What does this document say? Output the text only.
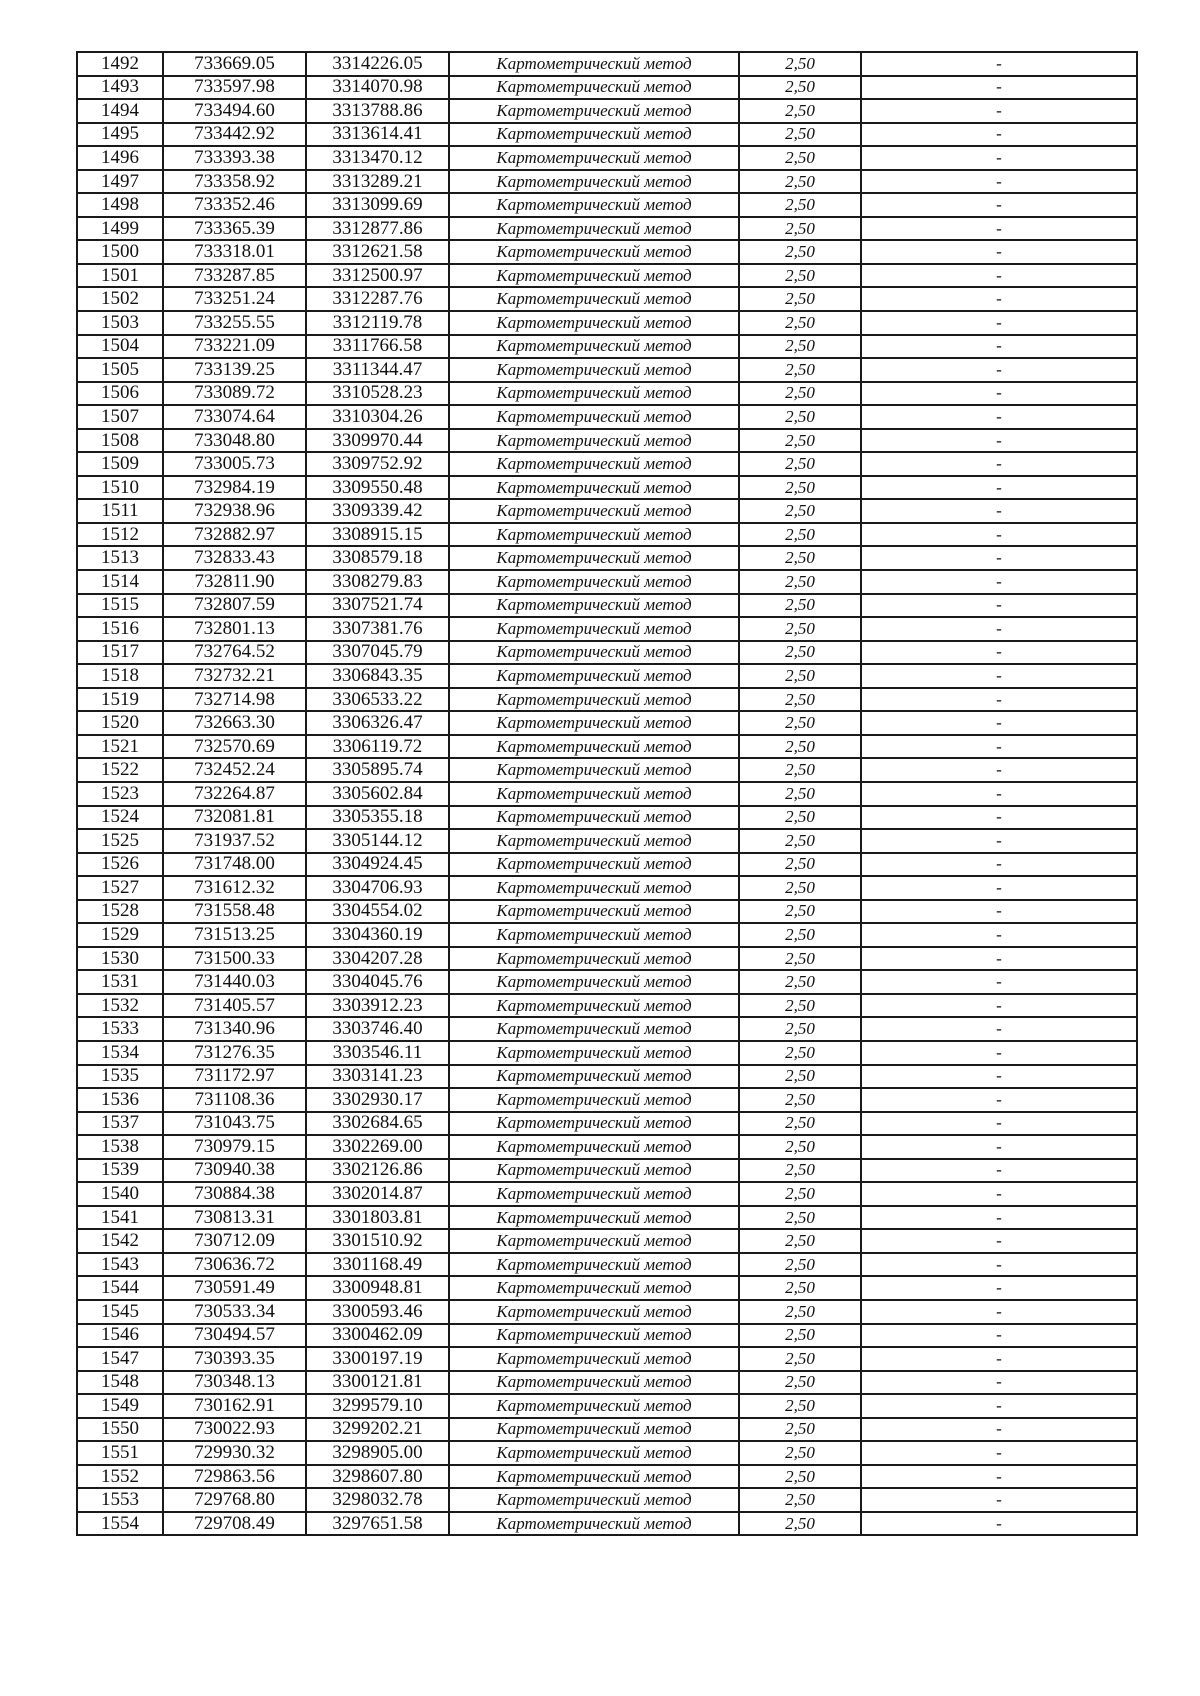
1492	733669.05	3314226.05	Картометрический метод	2,50	-
1493	733597.98	3314070.98	Картометрический метод	2,50	-
1494	733494.60	3313788.86	Картометрический метод	2,50	-
1495	733442.92	3313614.41	Картометрический метод	2,50	-
1496	733393.38	3313470.12	Картометрический метод	2,50	-
1497	733358.92	3313289.21	Картометрический метод	2,50	-
1498	733352.46	3313099.69	Картометрический метод	2,50	-
1499	733365.39	3312877.86	Картометрический метод	2,50	-
1500	733318.01	3312621.58	Картометрический метод	2,50	-
1501	733287.85	3312500.97	Картометрический метод	2,50	-
1502	733251.24	3312287.76	Картометрический метод	2,50	-
1503	733255.55	3312119.78	Картометрический метод	2,50	-
1504	733221.09	3311766.58	Картометрический метод	2,50	-
1505	733139.25	3311344.47	Картометрический метод	2,50	-
1506	733089.72	3310528.23	Картометрический метод	2,50	-
1507	733074.64	3310304.26	Картометрический метод	2,50	-
1508	733048.80	3309970.44	Картометрический метод	2,50	-
1509	733005.73	3309752.92	Картометрический метод	2,50	-
1510	732984.19	3309550.48	Картометрический метод	2,50	-
1511	732938.96	3309339.42	Картометрический метод	2,50	-
1512	732882.97	3308915.15	Картометрический метод	2,50	-
1513	732833.43	3308579.18	Картометрический метод	2,50	-
1514	732811.90	3308279.83	Картометрический метод	2,50	-
1515	732807.59	3307521.74	Картометрический метод	2,50	-
1516	732801.13	3307381.76	Картометрический метод	2,50	-
1517	732764.52	3307045.79	Картометрический метод	2,50	-
1518	732732.21	3306843.35	Картометрический метод	2,50	-
1519	732714.98	3306533.22	Картометрический метод	2,50	-
1520	732663.30	3306326.47	Картометрический метод	2,50	-
1521	732570.69	3306119.72	Картометрический метод	2,50	-
1522	732452.24	3305895.74	Картометрический метод	2,50	-
1523	732264.87	3305602.84	Картометрический метод	2,50	-
1524	732081.81	3305355.18	Картометрический метод	2,50	-
1525	731937.52	3305144.12	Картометрический метод	2,50	-
1526	731748.00	3304924.45	Картометрический метод	2,50	-
1527	731612.32	3304706.93	Картометрический метод	2,50	-
1528	731558.48	3304554.02	Картометрический метод	2,50	-
1529	731513.25	3304360.19	Картометрический метод	2,50	-
1530	731500.33	3304207.28	Картометрический метод	2,50	-
1531	731440.03	3304045.76	Картометрический метод	2,50	-
1532	731405.57	3303912.23	Картометрический метод	2,50	-
1533	731340.96	3303746.40	Картометрический метод	2,50	-
1534	731276.35	3303546.11	Картометрический метод	2,50	-
1535	731172.97	3303141.23	Картометрический метод	2,50	-
1536	731108.36	3302930.17	Картометрический метод	2,50	-
1537	731043.75	3302684.65	Картометрический метод	2,50	-
1538	730979.15	3302269.00	Картометрический метод	2,50	-
1539	730940.38	3302126.86	Картометрический метод	2,50	-
1540	730884.38	3302014.87	Картометрический метод	2,50	-
1541	730813.31	3301803.81	Картометрический метод	2,50	-
1542	730712.09	3301510.92	Картометрический метод	2,50	-
1543	730636.72	3301168.49	Картометрический метод	2,50	-
1544	730591.49	3300948.81	Картометрический метод	2,50	-
1545	730533.34	3300593.46	Картометрический метод	2,50	-
1546	730494.57	3300462.09	Картометрический метод	2,50	-
1547	730393.35	3300197.19	Картометрический метод	2,50	-
1548	730348.13	3300121.81	Картометрический метод	2,50	-
1549	730162.91	3299579.10	Картометрический метод	2,50	-
1550	730022.93	3299202.21	Картометрический метод	2,50	-
1551	729930.32	3298905.00	Картометрический метод	2,50	-
1552	729863.56	3298607.80	Картометрический метод	2,50	-
1553	729768.80	3298032.78	Картометрический метод	2,50	-
1554	729708.49	3297651.58	Картометрический метод	2,50	-
